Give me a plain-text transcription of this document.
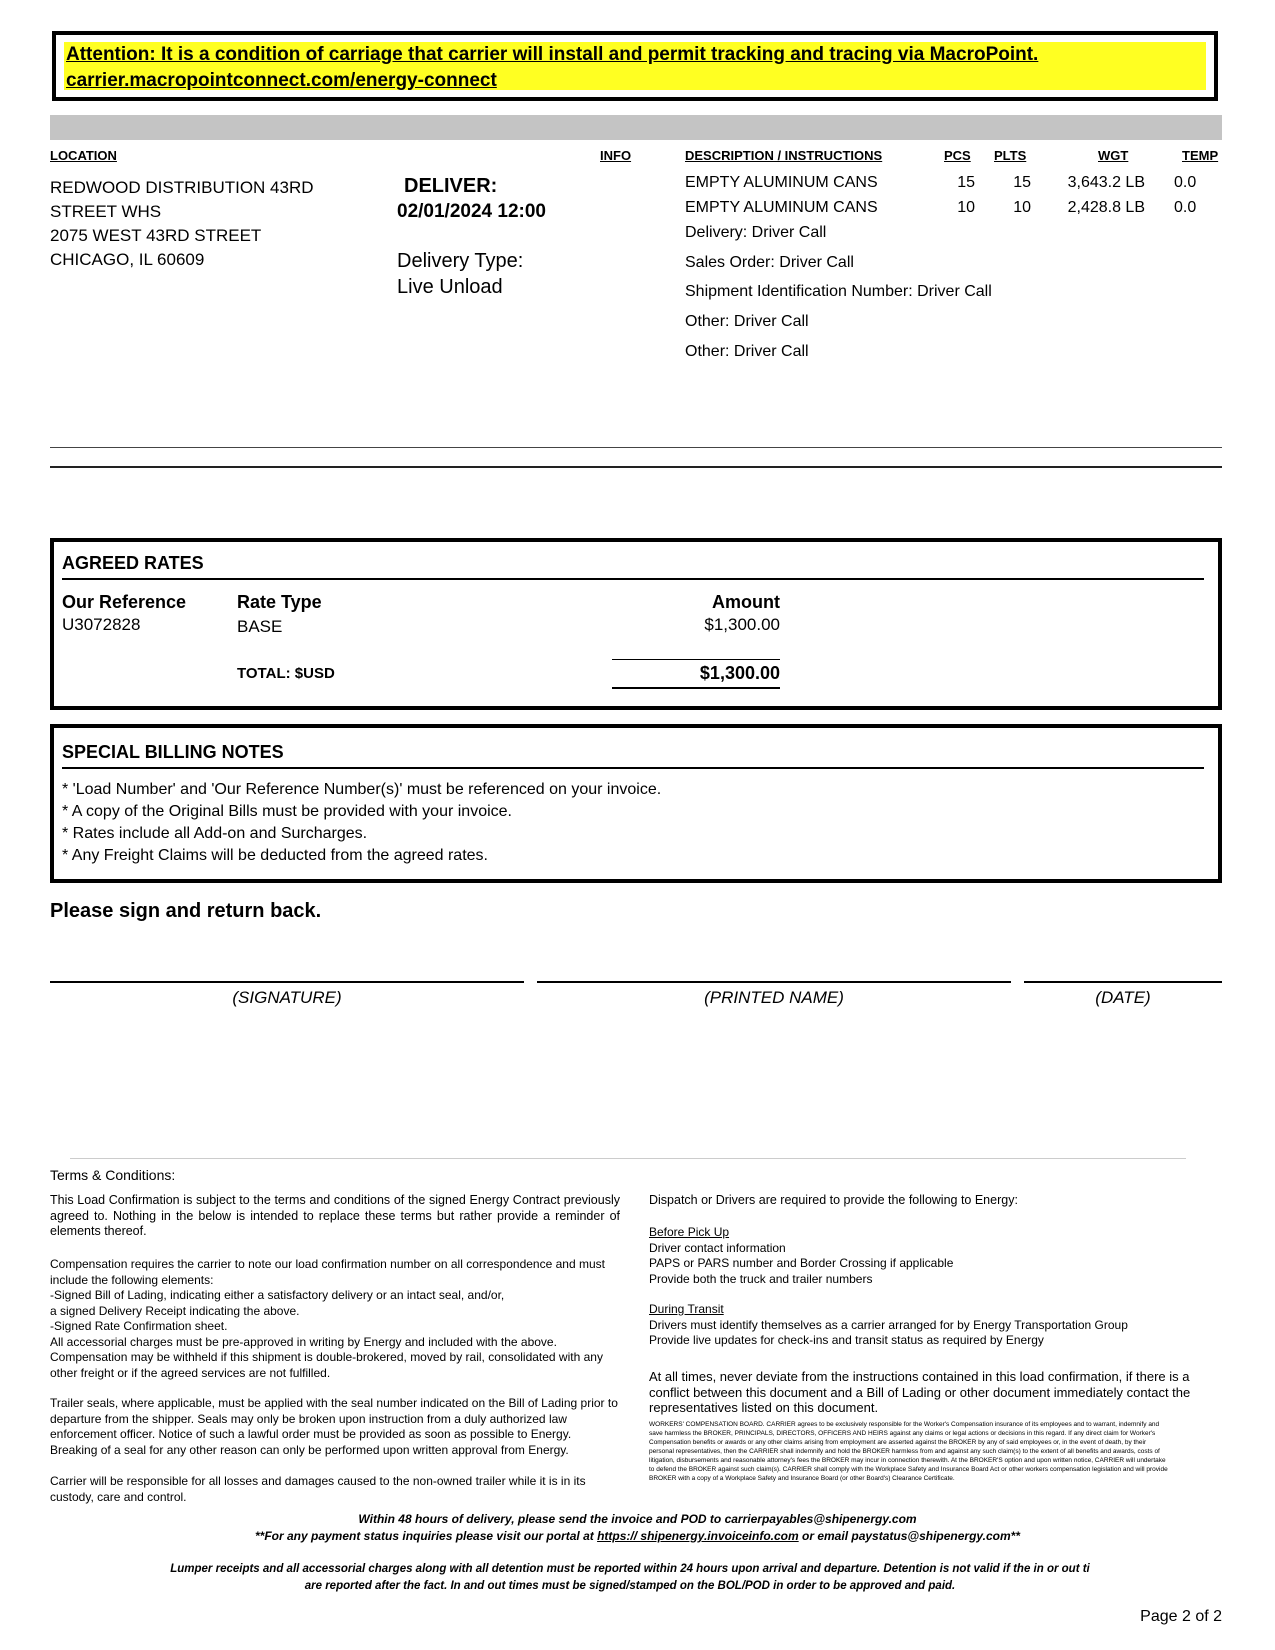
Attention: It is a condition of carriage that carrier will install and permit tracking and tracing via MacroPoint.
carrier.macropointconnect.com/energy-connect
LOCATION	INFO	DESCRIPTION / INSTRUCTIONS	PCS PLTS	WGT	TEMP
REDWOOD DISTRIBUTION 43RD
STREET WHS
2075 WEST 43RD STREET
CHICAGO, IL 60609
DELIVER:
02/01/2024 12:00
Delivery Type:
Live Unload
EMPTY ALUMINUM CANS	15	15	3,643.2 LB 0.0
EMPTY ALUMINUM CANS	10	10	2,428.8 LB 0.0
Delivery: Driver Call
Sales Order: Driver Call
Shipment Identification Number: Driver Call
Other: Driver Call
Other: Driver Call
AGREED RATES
Our Reference	Rate Type	Amount
U3072828	BASE	$1,300.00
TOTAL: $USD	$1,300.00
SPECIAL BILLING NOTES
* 'Load Number' and 'Our Reference Number(s)' must be referenced on your invoice.
* A copy of the Original Bills must be provided with your invoice.
* Rates include all Add-on and Surcharges.
* Any Freight Claims will be deducted from the agreed rates.
Please sign and return back.
(SIGNATURE)	(PRINTED NAME)	(DATE)
Terms & Conditions:
This Load Confirmation is subject to the terms and conditions of the signed Energy Contract previously agreed to. Nothing in the below is intended to replace these terms but rather provide a reminder of elements thereof.
Compensation requires the carrier to note our load confirmation number on all correspondence and must include the following elements:
-Signed Bill of Lading, indicating either a satisfactory delivery or an intact seal, and/or,
a signed Delivery Receipt indicating the above.
-Signed Rate Confirmation sheet.
All accessorial charges must be pre-approved in writing by Energy and included with the above.
Compensation may be withheld if this shipment is double-brokered, moved by rail, consolidated with any other freight or if the agreed services are not fulfilled.
Trailer seals, where applicable, must be applied with the seal number indicated on the Bill of Lading prior to departure from the shipper. Seals may only be broken upon instruction from a duly authorized law enforcement officer. Notice of such a lawful order must be provided as soon as possible to Energy. Breaking of a seal for any other reason can only be performed upon written approval from Energy.
Carrier will be responsible for all losses and damages caused to the non-owned trailer while it is in its custody, care and control.
Dispatch or Drivers are required to provide the following to Energy:
Before Pick Up
Driver contact information
PAPS or PARS number and Border Crossing if applicable
Provide both the truck and trailer numbers
During Transit
Drivers must identify themselves as a carrier arranged for by Energy Transportation Group
Provide live updates for check-ins and transit status as required by Energy
At all times, never deviate from the instructions contained in this load confirmation, if there is a conflict between this document and a Bill of Lading or other document immediately contact the representatives listed on this document.
WORKERS' COMPENSATION BOARD. CARRIER agrees to be exclusively responsible for the Worker's Compensation insurance of its employees and to warrant, indemnify and save harmless the BROKER, PRINCIPALS, DIRECTORS, OFFICERS AND HEIRS against any claims or legal actions or decisions in this regard. If any direct claim for Worker's Compensation benefits or awards or any other claims arising from employment are asserted against the BROKER by any of said employees or, in the event of death, by their personal representatives, then the CARRIER shall indemnify and hold the BROKER harmless from and against any such claim(s) to the extent of all benefits and awards, costs of litigation, disbursements and reasonable attorney's fees the BROKER may incur in connection therewith. At the BROKER'S option and upon written notice, CARRIER will undertake to defend the BROKER against such claim(s). CARRIER shall comply with the Workplace Safety and Insurance Board Act or other workers compensation legislation and will provide BROKER with a copy of a Workplace Safety and Insurance Board (or other Board's) Clearance Certificate.
Within 48 hours of delivery, please send the invoice and POD to carrierpayables@shipenergy.com
**For any payment status inquiries please visit our portal at https:// shipenergy.invoiceinfo.com or email paystatus@shipenergy.com**
Lumper receipts and all accessorial charges along with all detention must be reported within 24 hours upon arrival and departure. Detention is not valid if the in or out ti
are reported after the fact. In and out times must be signed/stamped on the BOL/POD in order to be approved and paid.
Page 2 of 2
